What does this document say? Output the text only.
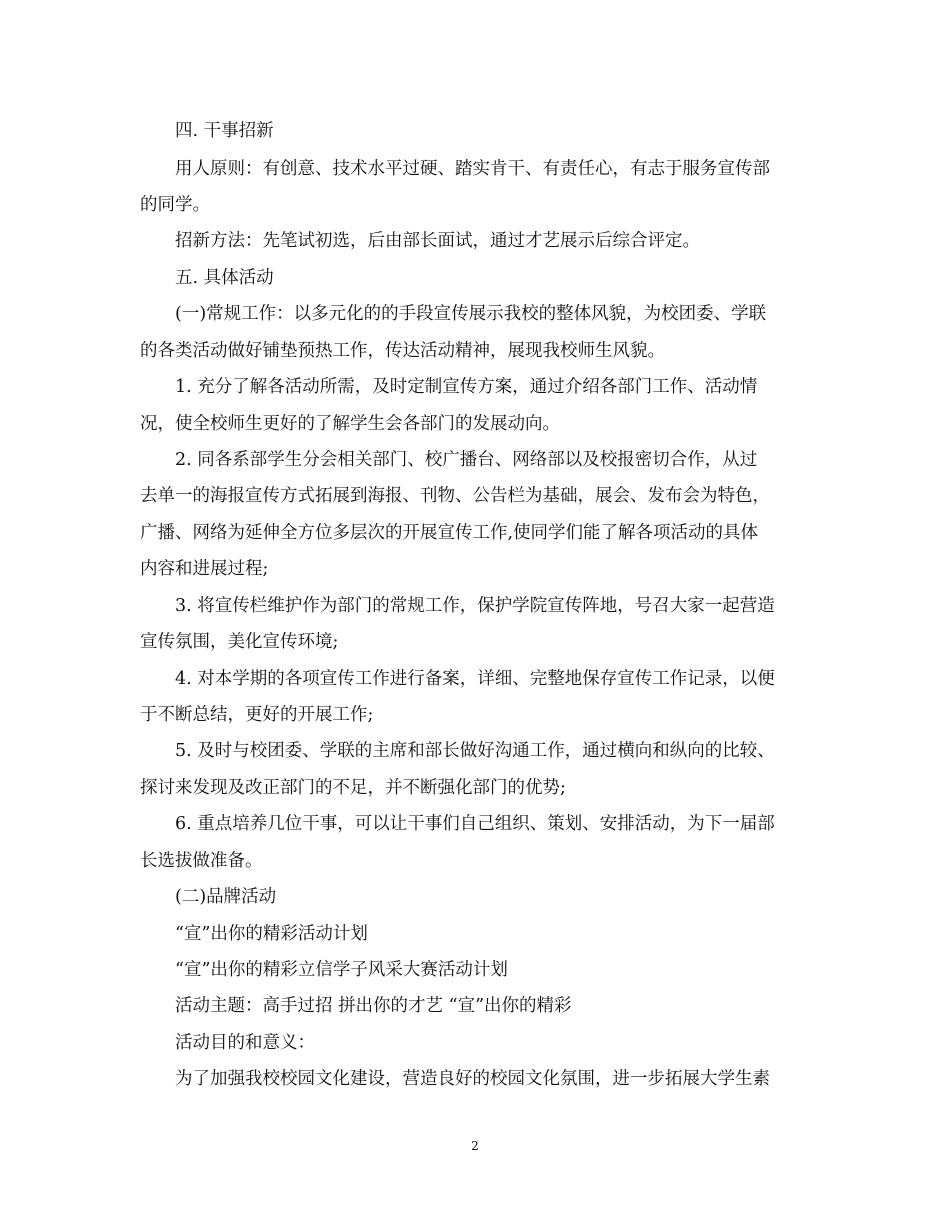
四. 干事招新
用人原则：有创意、技术水平过硬、踏实肯干、有责任心，有志于服务宣传部
的同学。
招新方法：先笔试初选，后由部长面试，通过才艺展示后综合评定。
五. 具体活动
(一)常规工作：以多元化的的手段宣传展示我校的整体风貌，为校团委、学联
的各类活动做好铺垫预热工作，传达活动精神，展现我校师生风貌。
1. 充分了解各活动所需，及时定制宣传方案，通过介绍各部门工作、活动情
况，使全校师生更好的了解学生会各部门的发展动向。
2. 同各系部学生分会相关部门、校广播台、网络部以及校报密切合作，从过
去单一的海报宣传方式拓展到海报、刊物、公告栏为基础，展会、发布会为特色，
广播、网络为延伸全方位多层次的开展宣传工作,使同学们能了解各项活动的具体
内容和进展过程;
3. 将宣传栏维护作为部门的常规工作，保护学院宣传阵地，号召大家一起营造
宣传氛围，美化宣传环境;
4. 对本学期的各项宣传工作进行备案，详细、完整地保存宣传工作记录，以便
于不断总结，更好的开展工作;
5. 及时与校团委、学联的主席和部长做好沟通工作，通过横向和纵向的比较、
探讨来发现及改正部门的不足，并不断强化部门的优势;
6. 重点培养几位干事，可以让干事们自己组织、策划、安排活动，为下一届部
长选拔做准备。
(二)品牌活动
“宣”出你的精彩活动计划
“宣”出你的精彩立信学子风采大赛活动计划
活动主题：高手过招 拼出你的才艺 “宣”出你的精彩
活动目的和意义：
为了加强我校校园文化建设，营造良好的校园文化氛围，进一步拓展大学生素
2
